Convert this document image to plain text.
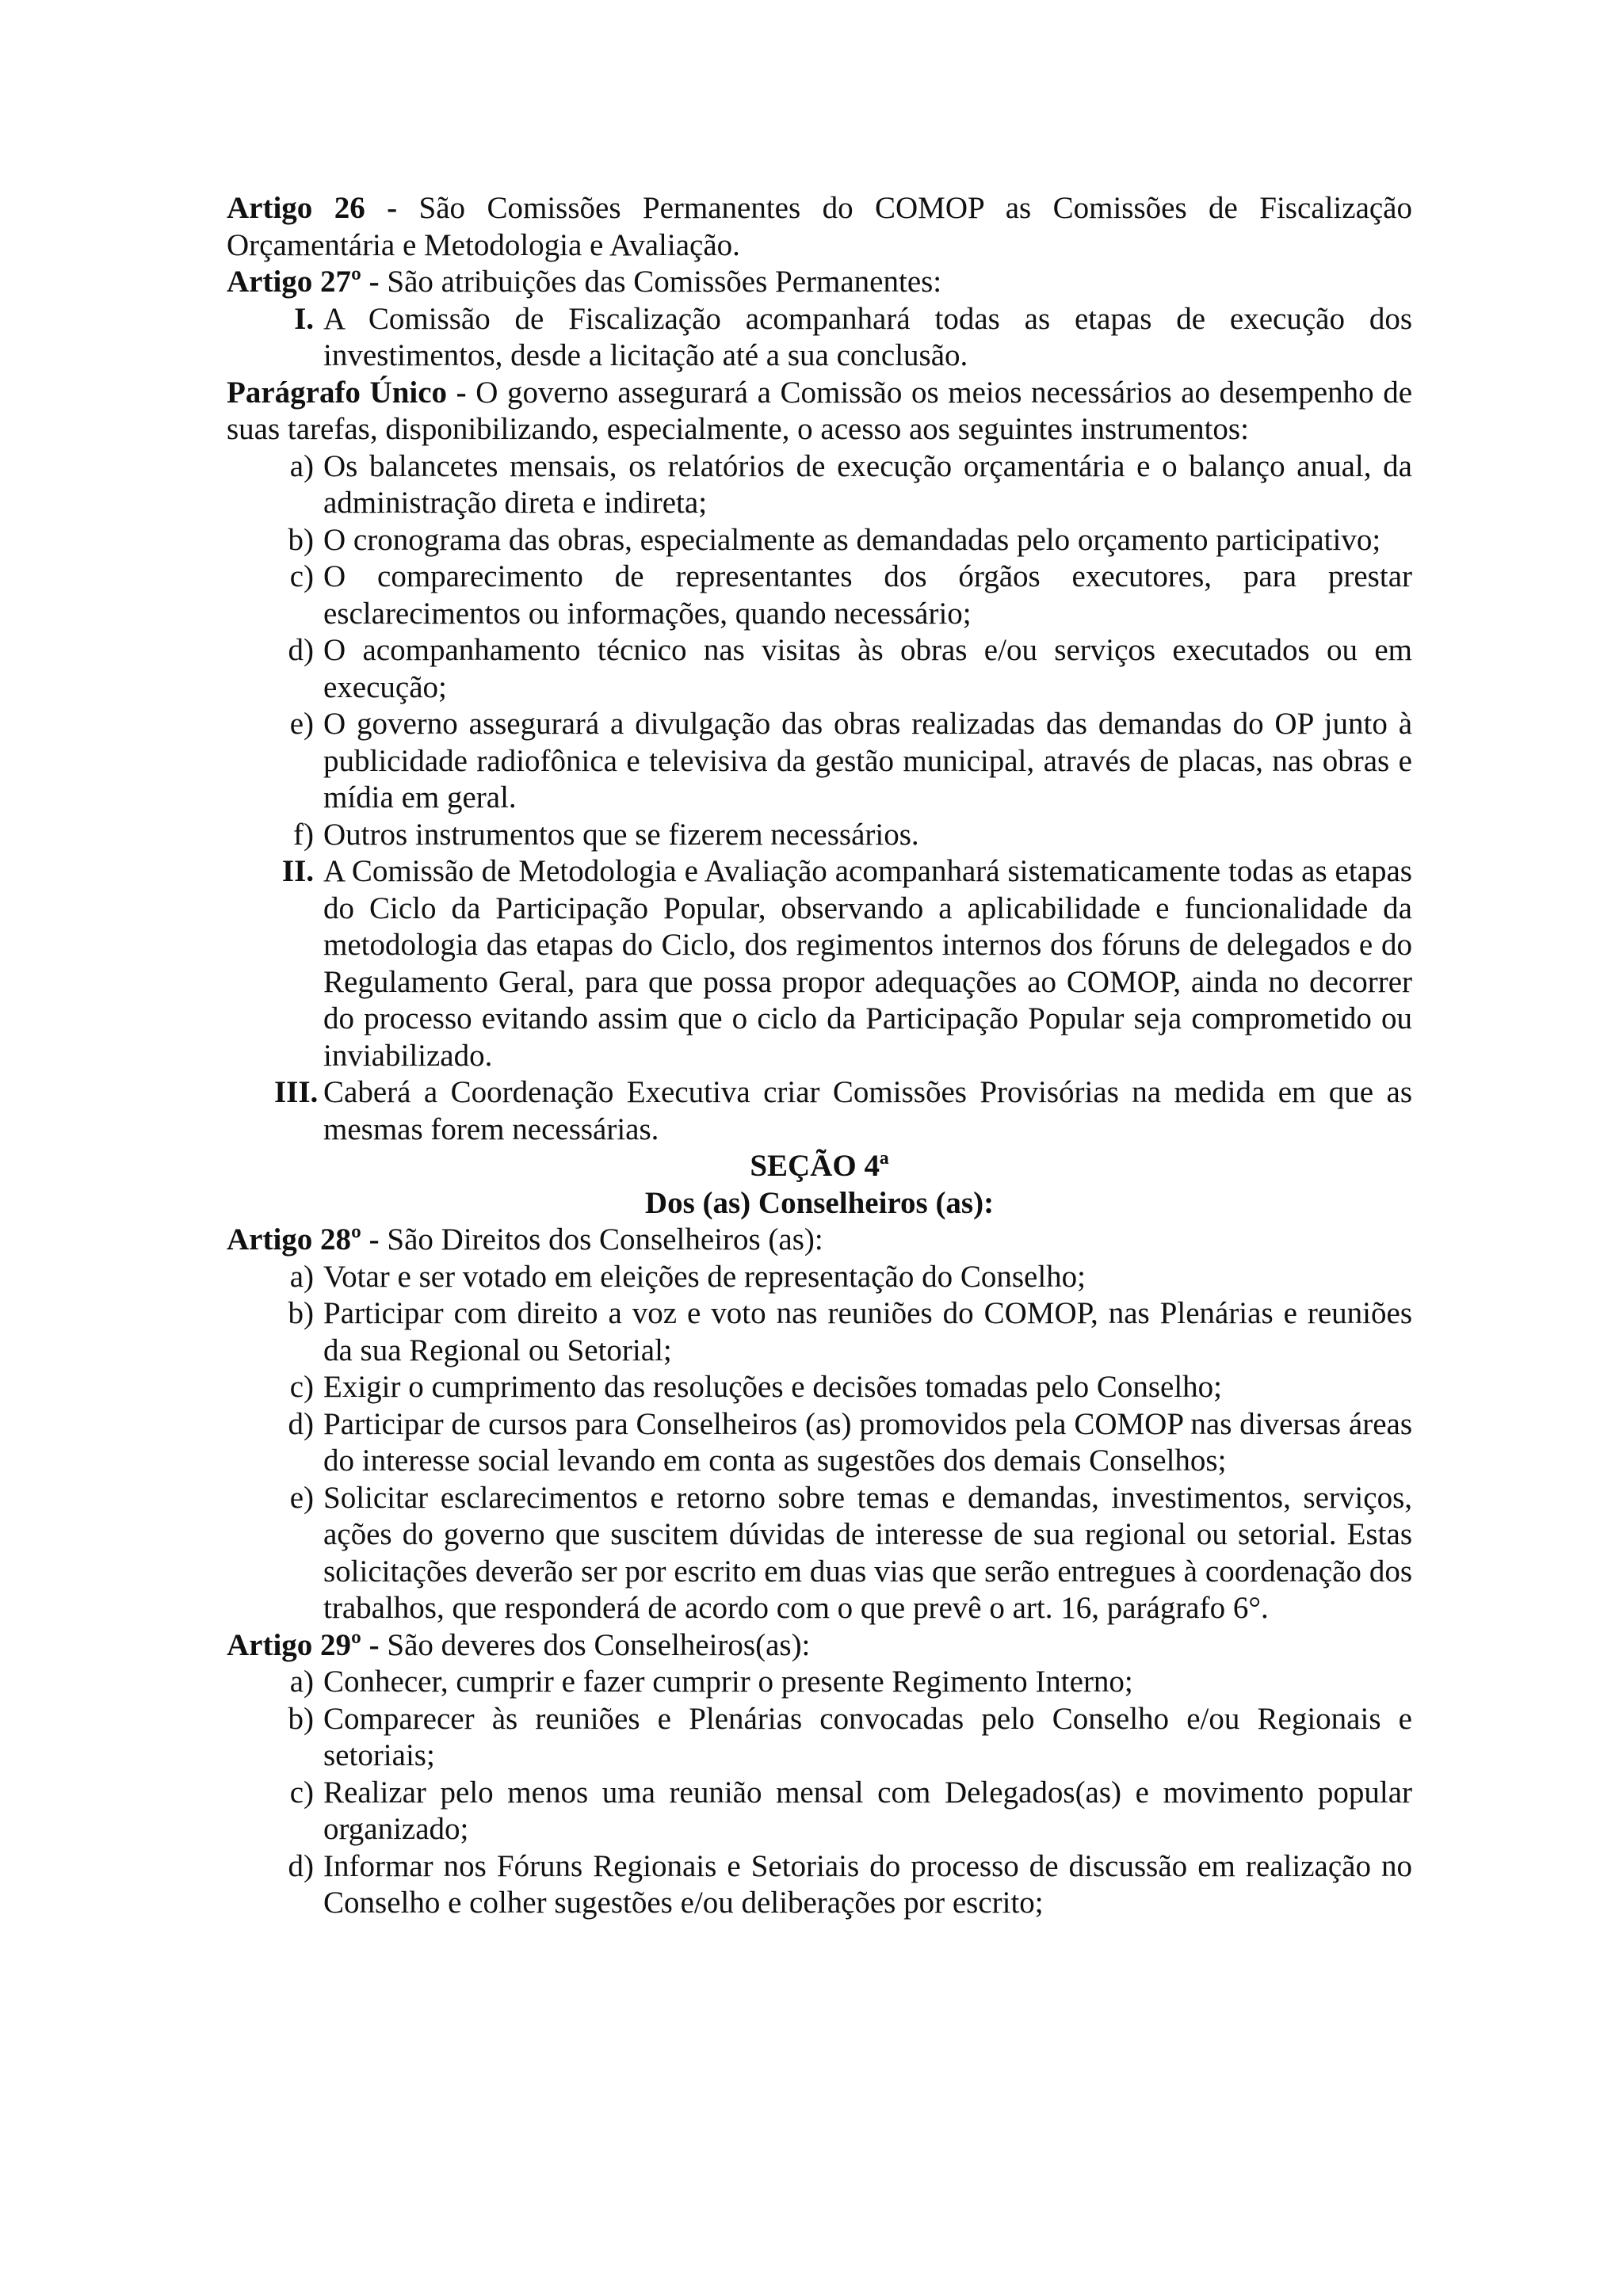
Artigo 26 - São Comissões Permanentes do COMOP as Comissões de Fiscalização Orçamentária e Metodologia e Avaliação.

Artigo 27º - São atribuições das Comissões Permanentes:

I. A Comissão de Fiscalização acompanhará todas as etapas de execução dos investimentos, desde a licitação até a sua conclusão.

Parágrafo Único - O governo assegurará a Comissão os meios necessários ao desempenho de suas tarefas, disponibilizando, especialmente, o acesso aos seguintes instrumentos:

a) Os balancetes mensais, os relatórios de execução orçamentária e o balanço anual, da administração direta e indireta;
b) O cronograma das obras, especialmente as demandadas pelo orçamento participativo;
c) O comparecimento de representantes dos órgãos executores, para prestar esclarecimentos ou informações, quando necessário;
d) O acompanhamento técnico nas visitas às obras e/ou serviços executados ou em execução;
e) O governo assegurará a divulgação das obras realizadas das demandas do OP junto à publicidade radiofônica e televisiva da gestão municipal, através de placas, nas obras e mídia em geral.
f) Outros instrumentos que se fizerem necessários.
II. A Comissão de Metodologia e Avaliação acompanhará sistematicamente todas as etapas do Ciclo da Participação Popular, observando a aplicabilidade e funcionalidade da metodologia das etapas do Ciclo, dos regimentos internos dos fóruns de delegados e do Regulamento Geral, para que possa propor adequações ao COMOP, ainda no decorrer do processo evitando assim que o ciclo da Participação Popular seja comprometido ou inviabilizado.
III. Caberá a Coordenação Executiva criar Comissões Provisórias na medida em que as mesmas forem necessárias.

SEÇÃO 4ª

Dos (as) Conselheiros (as):

Artigo 28º - São Direitos dos Conselheiros (as):

a) Votar e ser votado em eleições de representação do Conselho;
b) Participar com direito a voz e voto nas reuniões do COMOP, nas Plenárias e reuniões da sua Regional ou Setorial;
c) Exigir o cumprimento das resoluções e decisões tomadas pelo Conselho;
d) Participar de cursos para Conselheiros (as) promovidos pela COMOP nas diversas áreas do interesse social levando em conta as sugestões dos demais Conselhos;
e) Solicitar esclarecimentos e retorno sobre temas e demandas, investimentos, serviços, ações do governo que suscitem dúvidas de interesse de sua regional ou setorial. Estas solicitações deverão ser por escrito em duas vias que serão entregues à coordenação dos trabalhos, que responderá de acordo com o que prevê o art. 16, parágrafo 6°.

Artigo 29º - São deveres dos Conselheiros(as):

a) Conhecer, cumprir e fazer cumprir o presente Regimento Interno;
b) Comparecer às reuniões e Plenárias convocadas pelo Conselho e/ou Regionais e setoriais;
c) Realizar pelo menos uma reunião mensal com Delegados(as) e movimento popular organizado;
d) Informar nos Fóruns Regionais e Setoriais do processo de discussão em realização no Conselho e colher sugestões e/ou deliberações por escrito;
